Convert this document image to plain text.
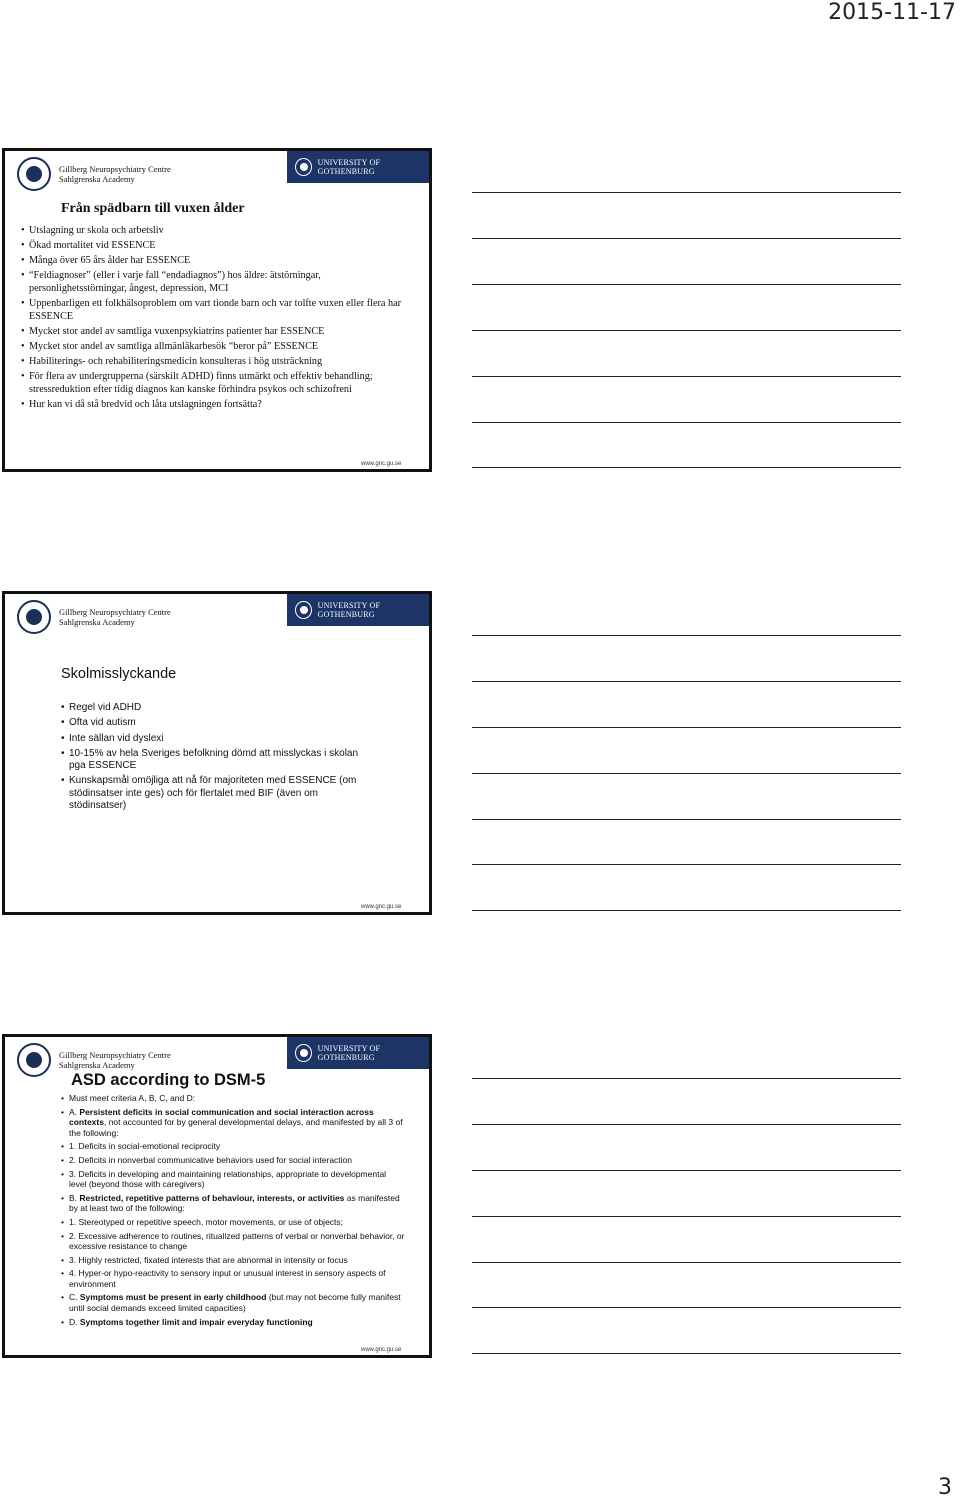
2015-11-17
Gillberg Neuropsychiatry Centre
Sahlgrenska Academy
UNIVERSITY OF GOTHENBURG
Från spädbarn till vuxen ålder
• Utslagning ur skola och arbetsliv
• Ökad mortalitet vid ESSENCE
• Många över 65 års ålder har ESSENCE
• “Feldiagnoser” (eller i varje fall “endadiagnos”) hos äldre: ätstörningar, personlighetsstörningar, ångest, depression, MCI
• Uppenbarligen ett folkhälsoproblem om vart tionde barn och var tolfte vuxen eller flera har ESSENCE
• Mycket stor andel av samtliga vuxenpsykiatrins patienter har ESSENCE
• Mycket stor andel av samtliga allmänläkarbesök “beror på” ESSENCE
• Habiliterings- och rehabiliteringsmedicin konsulteras i hög utsträckning
• För flera av undergrupperna (särskilt ADHD) finns utmärkt och effektiv behandling; stressreduktion efter tidig diagnos kan kanske förhindra psykos och schizofreni
• Hur kan vi då stå bredvid och låta utslagningen fortsätta?
www.gnc.gu.se
Gillberg Neuropsychiatry Centre
Sahlgrenska Academy
UNIVERSITY OF GOTHENBURG
Skolmisslyckande
• Regel vid ADHD
• Ofta vid autism
• Inte sällan vid dyslexi
• 10-15% av hela Sveriges befolkning dömd att misslyckas i skolan pga ESSENCE
• Kunskapsmål omöjliga att nå för majoriteten med ESSENCE (om stödinsatser inte ges) och för flertalet med BIF (även om stödinsatser)
www.gnc.gu.se
Gillberg Neuropsychiatry Centre
Sahlgrenska Academy
UNIVERSITY OF GOTHENBURG
ASD according to DSM-5
• Must meet criteria A, B, C, and D:
• A. Persistent deficits in social communication and social interaction across contexts, not accounted for by general developmental delays, and manifested by all 3 of the following:
• 1. Deficits in social-emotional reciprocity
• 2. Deficits in nonverbal communicative behaviors used for social interaction
• 3. Deficits in developing and maintaining relationships, appropriate to developmental level (beyond those with caregivers)
• B. Restricted, repetitive patterns of behaviour, interests, or activities as manifested by at least two of the following:
• 1. Stereotyped or repetitive speech, motor movements, or use of objects;
• 2. Excessive adherence to routines, ritualized patterns of verbal or nonverbal behavior, or excessive resistance to change
• 3. Highly restricted, fixated interests that are abnormal in intensity or focus
• 4. Hyper-or hypo-reactivity to sensory input or unusual interest in sensory aspects of environment
• C. Symptoms must be present in early childhood (but may not become fully manifest until social demands exceed limited capacities)
• D. Symptoms together limit and impair everyday functioning
www.gnc.gu.se
3
